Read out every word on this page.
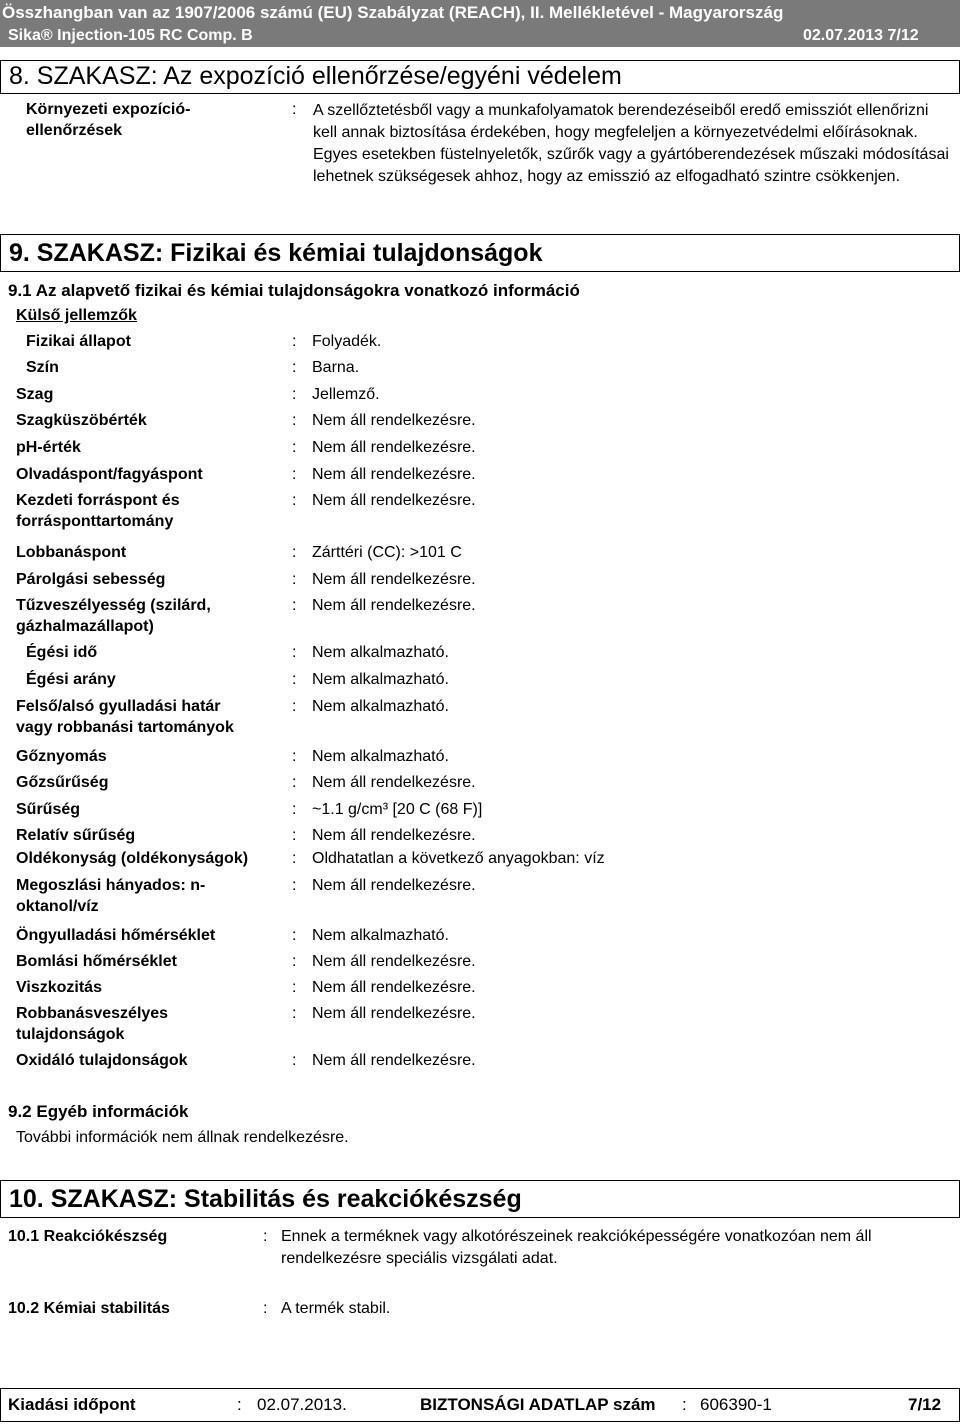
Összhangban van az 1907/2006 számú (EU) Szabályzat (REACH), II. Mellékletével - Magyarország
Sika® Injection-105 RC Comp. B	02.07.2013 7/12
8. SZAKASZ: Az expozíció ellenőrzése/egyéni védelem
Környezeti expozíció-
ellenőrzések
: A szellőztetésből vagy a munkafolyamatok berendezéseiből eredő emissziót ellenőrizni kell annak biztosítása érdekében, hogy megfeleljen a környezetvédelmi előírásoknak. Egyes esetekben füstelnyeletők, szűrők vagy a gyártóberendezések műszaki módosításai lehetnek szükségesek ahhoz, hogy az emisszió az elfogadható szintre csökkenjen.
9. SZAKASZ: Fizikai és kémiai tulajdonságok
9.1 Az alapvető fizikai és kémiai tulajdonságokra vonatkozó információ
Külső jellemzők
Fizikai állapot	: Folyadék.
Szín	: Barna.
Szag	: Jellemző.
Szagküszöbérték	: Nem áll rendelkezésre.
pH-érték	: Nem áll rendelkezésre.
Olvadáspont/fagyáspont	: Nem áll rendelkezésre.
Kezdeti forráspont és
forrásponttartomány
: Nem áll rendelkezésre.
Lobbanáspont	: Zárttéri (CC): >101 C
Párolgási sebesség	: Nem áll rendelkezésre.
Tűzveszélyesség (szilárd,
gázhalmazállapot)
: Nem áll rendelkezésre.
Égési idő	: Nem alkalmazható.
Égési arány	: Nem alkalmazható.
Felső/alsó gyulladási határ
vagy robbanási tartományok
: Nem alkalmazható.
Gőznyomás	: Nem alkalmazható.
Gőzsűrűség	: Nem áll rendelkezésre.
Sűrűség	: ~1.1 g/cm³ [20 C (68 F)]
Relatív sűrűség	: Nem áll rendelkezésre.
Oldékonyság (oldékonyságok)	: Oldhatatlan a következő anyagokban: víz
Megoszlási hányados: n-
oktanol/víz
: Nem áll rendelkezésre.
Öngyulladási hőmérséklet	: Nem alkalmazható.
Bomlási hőmérséklet	: Nem áll rendelkezésre.
Viszkozitás	: Nem áll rendelkezésre.
Robbanásveszélyes
tulajdonságok
: Nem áll rendelkezésre.
Oxidáló tulajdonságok	: Nem áll rendelkezésre.
9.2 Egyéb információk
További információk nem állnak rendelkezésre.
10. SZAKASZ: Stabilitás és reakciókészség
10.1 Reakciókészség	: Ennek a terméknek vagy alkotórészeinek reakcióképességére vonatkozóan nem áll
rendelkezésre speciális vizsgálati adat.
10.2 Kémiai stabilitás	: A termék stabil.
Kiadási időpont	: 02.07.2013.	BIZTONSÁGI ADATLAP szám : 606390-1	7/12
